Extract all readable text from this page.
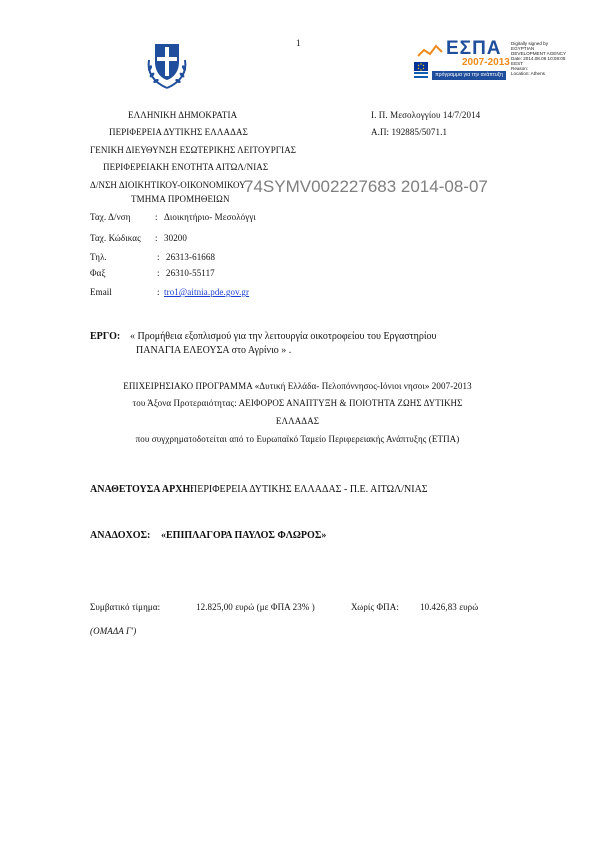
1	ΕΣΠΑ
2007-2013
πρόγραμμα για την ανάπτυξη
Digitally signed by
EGYPTIAN
DEVELOPMENT AGENCY
Date: 2014.08.06 10:08:05
EEST
Reason:
Location: Athens
ΕΛΛΗΝΙΚΗ ΔΗΜΟΚΡΑΤΙΑ
ΠΕΡΙΦΕΡΕΙΑ ΔΥΤΙΚΗΣ ΕΛΛΑΔΑΣ
ΓΕΝΙΚΗ ΔΙΕΥΘΥΝΣΗ ΕΣΩΤΕΡΙΚΗΣ ΛΕΙΤΟΥΡΓΙΑΣ
ΠΕΡΙΦΕΡΕΙΑΚΗ ΕΝΟΤΗΤΑ ΑΙΤΩΛ/ΝΙΑΣ
Δ/ΝΣΗ ΔΙΟΙΚΗΤΙΚΟΥ-ΟΙΚΟΝΟΜΙΚΟΥ
ΤΜΗΜΑ ΠΡΟΜΗΘΕΙΩΝ
Ι. Π. Μεσολογγίου 14/7/2014
Α.Π: 192885/5071.1
74SYMV002227683 2014-08-07
Ταχ. Δ/νση	: Διοικητήριο- Μεσολόγγι
Ταχ. Κώδικας : 30200
Τηλ.	: 26313-61668
Φαξ	: 26310-55117
Email	: tro1@aitnia.pde.gov.gr
ΕΡΓΟ: « Προμήθεια εξοπλισμού για την λειτουργία οικοτροφείου του Εργαστηρίου
ΠΑΝΑΓΙΑ ΕΛΕΟΥΣΑ στο Αγρίνιο » .
ΕΠΙΧΕΙΡΗΣΙΑΚΟ ΠΡΟΓΡΑΜΜΑ «Δυτική Ελλάδα- Πελοπόννησος-Ιόνιοι νησοι» 2007-2013
του Άξονα Προτεραιότητας: ΑΕΙΦΟΡΟΣ ΑΝΑΠΤΥΞΗ & ΠΟΙΟΤΗΤΑ ΖΩΗΣ ΔΥΤΙΚΗΣ
ΕΛΛΑΔΑΣ
που συγχρηματοδοτείται από το Ευρωπαϊκό Ταμείο Περιφερειακής Ανάπτυξης (ΕΤΠΑ)
ΑΝΑΘΕΤΟΥΣΑ ΑΡΧΗ:
ΠΕΡΙΦΕΡΕΙΑ ΔΥΤΙΚΗΣ ΕΛΛΑΔΑΣ - Π.Ε. ΑΙΤΩΛ/ΝΙΑΣ
ΑΝΑΔΟΧΟΣ: «ΕΠΙΠΛΑΓΟΡΑ ΠΑΥΛΟΣ ΦΛΩΡΟΣ»
Συμβατικό τίμημα:	12.825,00 ευρώ (με ΦΠΑ 23% )	Χωρίς ΦΠΑ: 10.426,83 ευρώ
(ΟΜΑΔΑ Γ')
